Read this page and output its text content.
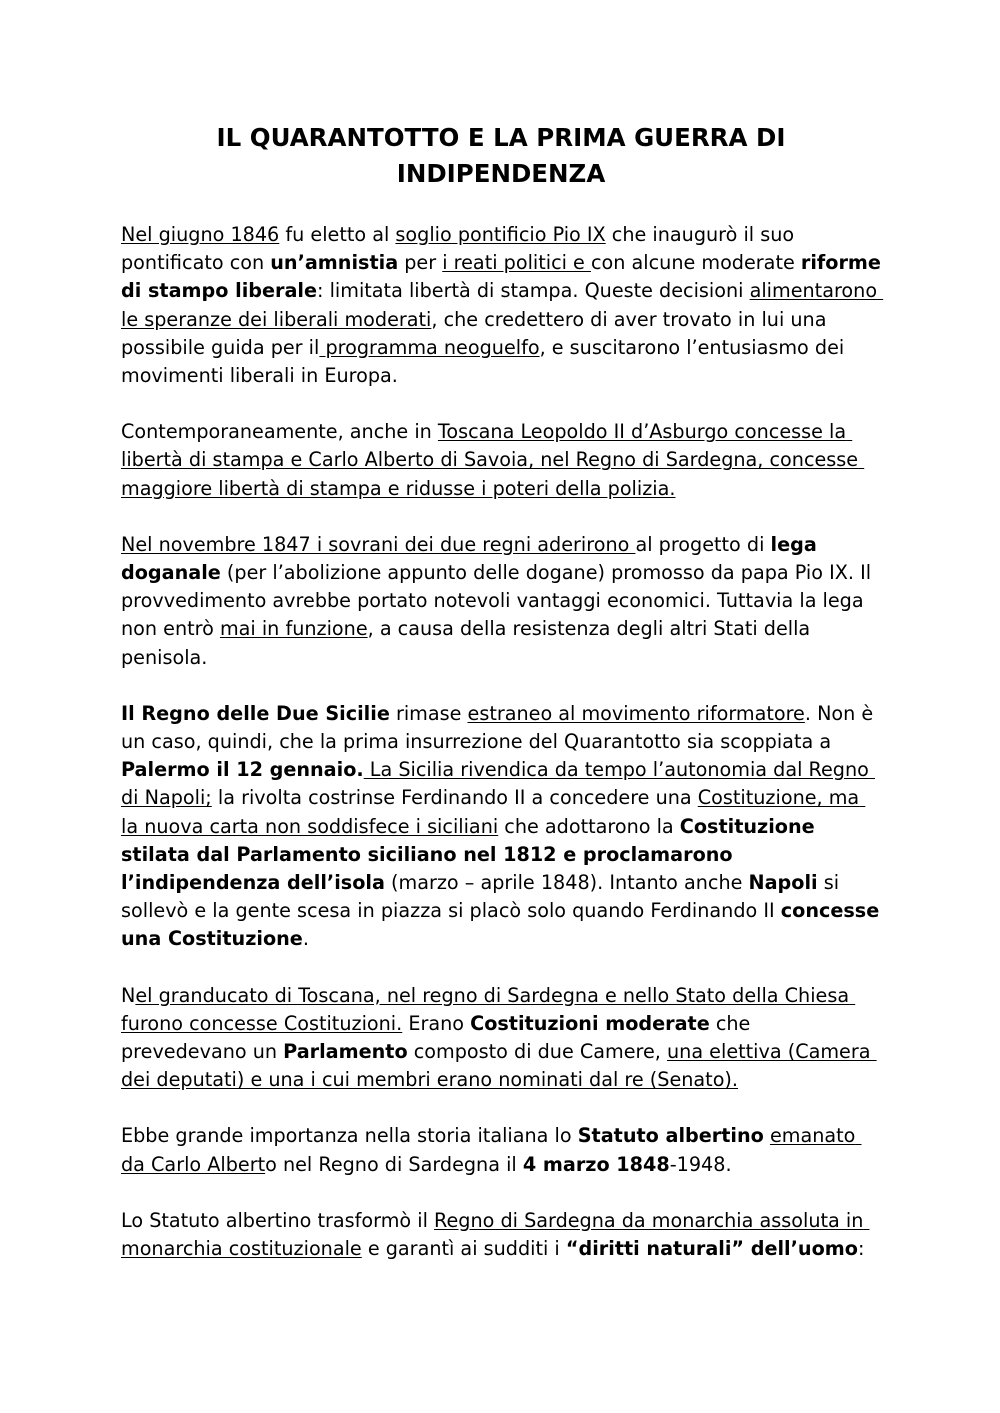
IL QUARANTOTTO E LA PRIMA GUERRA DI INDIPENDENZA

Nel giugno 1846 fu eletto al soglio pontificio Pio IX che inaugurò il suo pontificato con un’amnistia per i reati politici e con alcune moderate riforme di stampo liberale: limitata libertà di stampa. Queste decisioni alimentarono le speranze dei liberali moderati, che credettero di aver trovato in lui una possibile guida per il programma neoguelfo, e suscitarono l’entusiasmo dei movimenti liberali in Europa.

Contemporaneamente, anche in Toscana Leopoldo II d’Asburgo concesse la libertà di stampa e Carlo Alberto di Savoia, nel Regno di Sardegna, concesse maggiore libertà di stampa e ridusse i poteri della polizia.

Nel novembre 1847 i sovrani dei due regni aderirono al progetto di lega doganale (per l’abolizione appunto delle dogane) promosso da papa Pio IX. Il provvedimento avrebbe portato notevoli vantaggi economici. Tuttavia la lega non entrò mai in funzione, a causa della resistenza degli altri Stati della penisola.

Il Regno delle Due Sicilie rimase estraneo al movimento riformatore. Non è un caso, quindi, che la prima insurrezione del Quarantotto sia scoppiata a Palermo il 12 gennaio. La Sicilia rivendica da tempo l’autonomia dal Regno di Napoli; la rivolta costrinse Ferdinando II a concedere una Costituzione, ma la nuova carta non soddisfece i siciliani che adottarono la Costituzione stilata dal Parlamento siciliano nel 1812 e proclamarono l’indipendenza dell’isola (marzo – aprile 1848). Intanto anche Napoli si sollevò e la gente scesa in piazza si placò solo quando Ferdinando II concesse una Costituzione.

Nel granducato di Toscana, nel regno di Sardegna e nello Stato della Chiesa furono concesse Costituzioni. Erano Costituzioni moderate che prevedevano un Parlamento composto di due Camere, una elettiva (Camera dei deputati) e una i cui membri erano nominati dal re (Senato).

Ebbe grande importanza nella storia italiana lo Statuto albertino emanato da Carlo Alberto nel Regno di Sardegna il 4 marzo 1848-1948.

Lo Statuto albertino trasformò il Regno di Sardegna da monarchia assoluta in monarchia costituzionale e garantì ai sudditi i “diritti naturali” dell’uomo:
